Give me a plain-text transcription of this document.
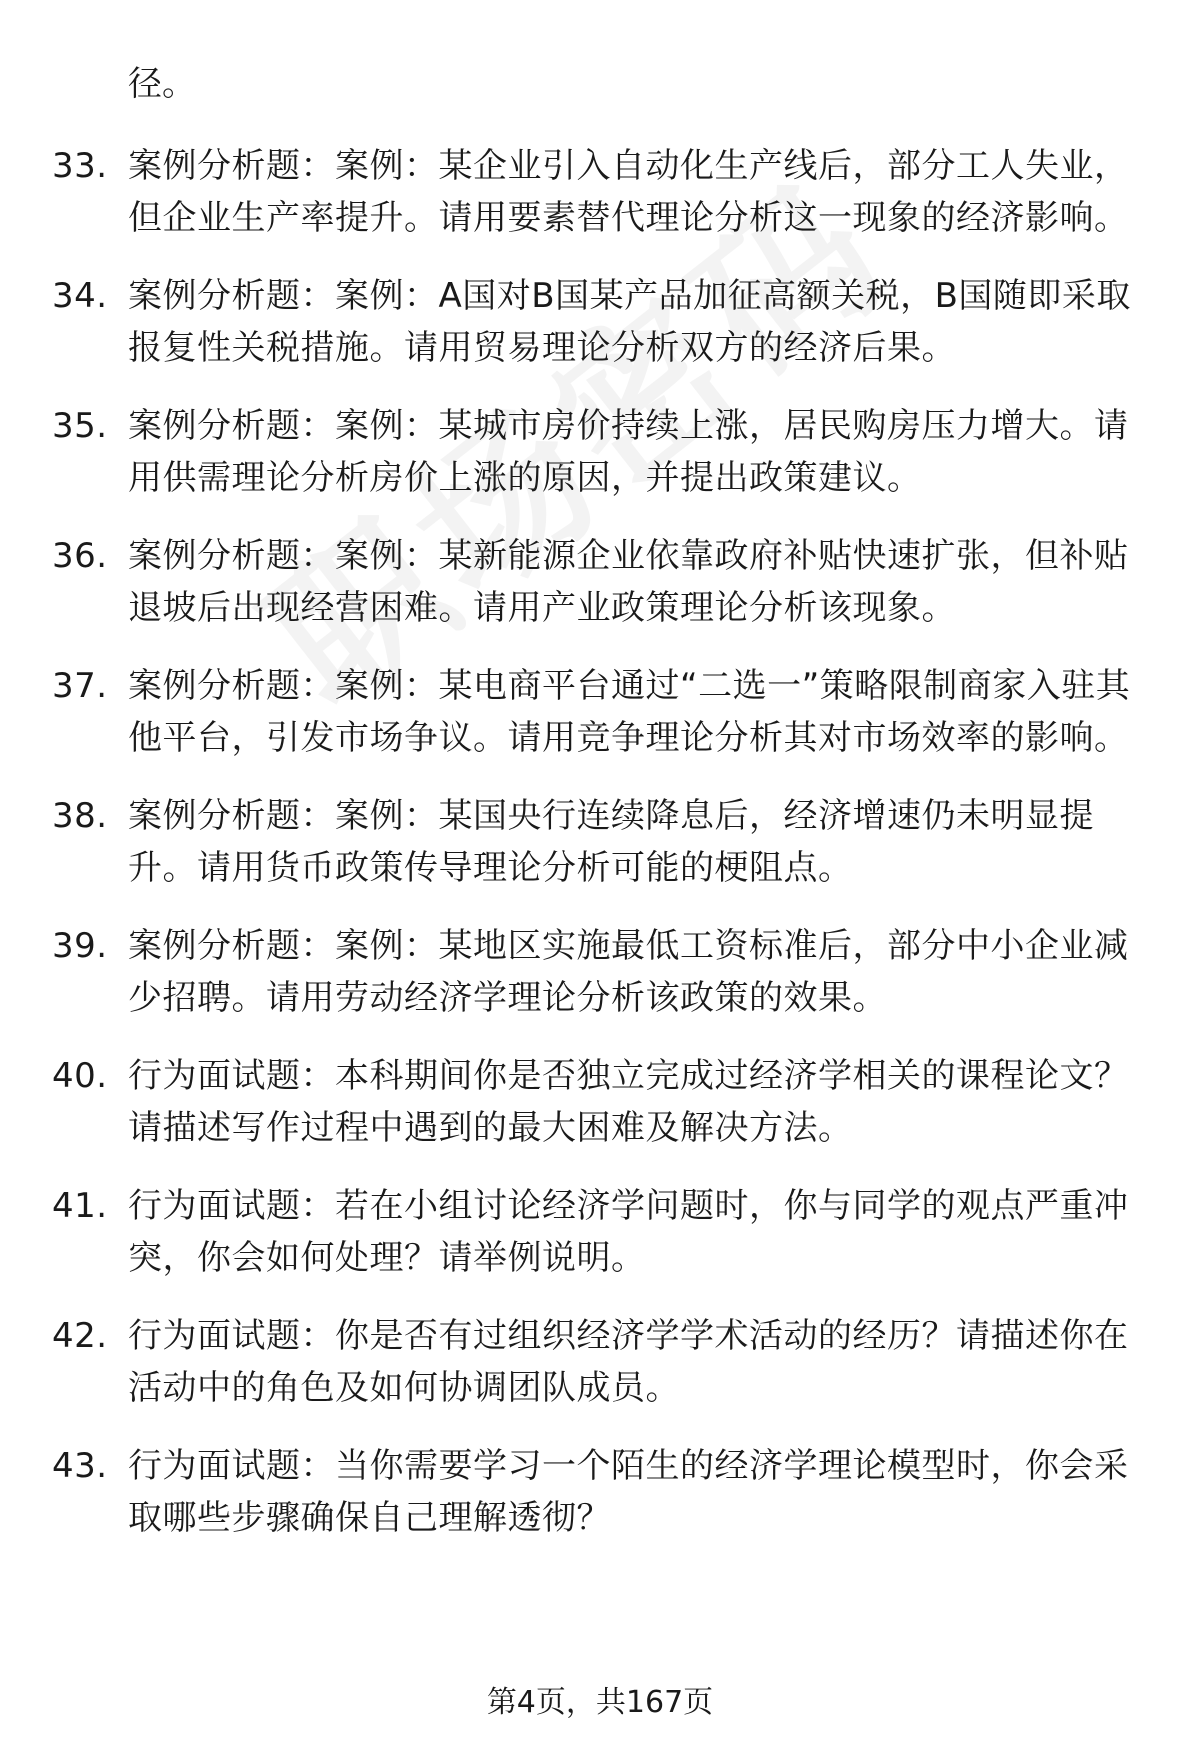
径。
33. 案例分析题：案例：某企业引入自动化生产线后，部分工人失业，但企业生产率提升。请用要素替代理论分析这一现象的经济影响。
34. 案例分析题：案例：A国对B国某产品加征高额关税，B国随即采取报复性关税措施。请用贸易理论分析双方的经济后果。
35. 案例分析题：案例：某城市房价持续上涨，居民购房压力增大。请用供需理论分析房价上涨的原因，并提出政策建议。
36. 案例分析题：案例：某新能源企业依靠政府补贴快速扩张，但补贴退坡后出现经营困难。请用产业政策理论分析该现象。
37. 案例分析题：案例：某电商平台通过“二选一”策略限制商家入驻其他平台，引发市场争议。请用竞争理论分析其对市场效率的影响。
38. 案例分析题：案例：某国央行连续降息后，经济增速仍未明显提升。请用货币政策传导理论分析可能的梗阻点。
39. 案例分析题：案例：某地区实施最低工资标准后，部分中小企业减少招聘。请用劳动经济学理论分析该政策的效果。
40. 行为面试题：本科期间你是否独立完成过经济学相关的课程论文？请描述写作过程中遇到的最大困难及解决方法。
41. 行为面试题：若在小组讨论经济学问题时，你与同学的观点严重冲突，你会如何处理？请举例说明。
42. 行为面试题：你是否有过组织经济学学术活动的经历？请描述你在活动中的角色及如何协调团队成员。
43. 行为面试题：当你需要学习一个陌生的经济学理论模型时，你会采取哪些步骤确保自己理解透彻？
第4页，共167页
